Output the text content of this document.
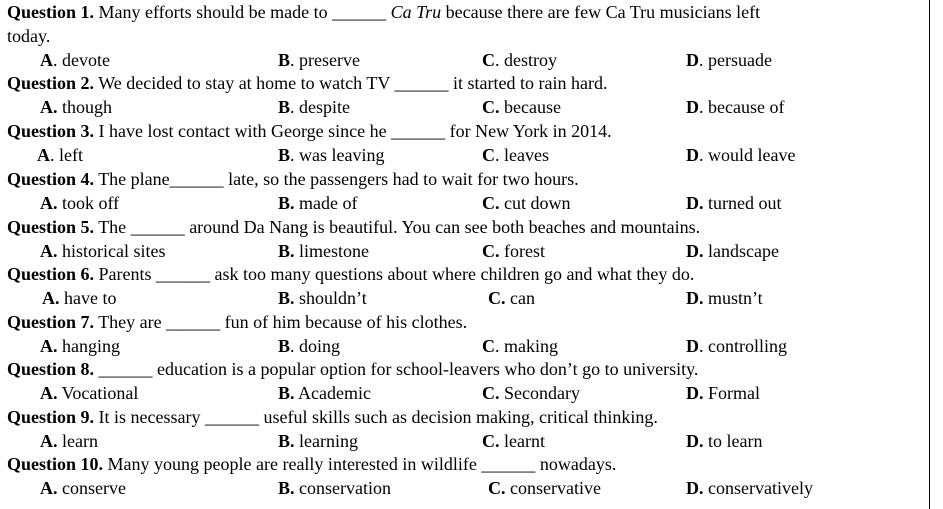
Question 1. Many efforts should be made to ______ Ca Tru because there are few Ca Tru musicians left
today.
A. devote	B. preserve	C. destroy	D. persuade
Question 2. We decided to stay at home to watch TV ______ it started to rain hard.
A. though	B. despite	C. because	D. because of
Question 3. I have lost contact with George since he ______ for New York in 2014.
A. left	B. was leaving	C. leaves	D. would leave
Question 4. The plane______ late, so the passengers had to wait for two hours.
A. took off	B. made of	C. cut down	D. turned out
Question 5. The ______ around Da Nang is beautiful. You can see both beaches and mountains.
A. historical sites	B. limestone	C. forest	D. landscape
Question 6. Parents ______ ask too many questions about where children go and what they do.
A. have to	B. shouldn’t	C. can	D. mustn’t
Question 7. They are ______ fun of him because of his clothes.
A. hanging	B. doing	C. making	D. controlling
Question 8. ______ education is a popular option for school-leavers who don’t go to university.
A. Vocational	B. Academic	C. Secondary	D. Formal
Question 9. It is necessary ______ useful skills such as decision making, critical thinking.
A. learn	B. learning	C. learnt	D. to learn
Question 10. Many young people are really interested in wildlife ______ nowadays.
A. conserve	B. conservation	C. conservative	D. conservatively
